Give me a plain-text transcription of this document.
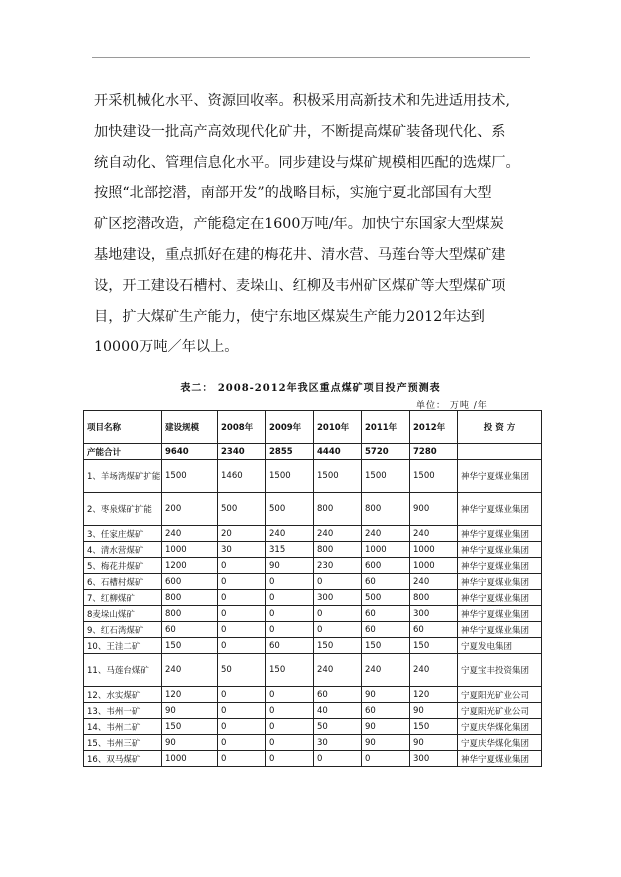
开采机械化水平、资源回收率。积极采用高新技术和先进适用技术,
加快建设一批高产高效现代化矿井，不断提高煤矿装备现代化、系
统自动化、管理信息化水平。同步建设与煤矿规模相匹配的选煤厂。
按照“北部挖潜，南部开发”的战略目标，实施宁夏北部国有大型
矿区挖潜改造，产能稳定在1600万吨/年。加快宁东国家大型煤炭
基地建设，重点抓好在建的梅花井、清水营、马莲台等大型煤矿建
设，开工建设石槽村、麦垛山、红柳及韦州矿区煤矿等大型煤矿项
目，扩大煤矿生产能力，使宁东地区煤炭生产能力2012年达到
10000万吨／年以上。
表二： 2008-2012年我区重点煤矿项目投产预测表
单位： 万吨 /年
项目名称	建设规模	2008年	2009年	2010年	2011年	2012年	投 资 方
产能合计	9640	2340	2855	4440	5720	7280	
1、羊场湾煤矿扩能	1500	1460	1500	1500	1500	1500	神华宁夏煤业集团
2、枣泉煤矿扩能	200	500	500	800	800	900	神华宁夏煤业集团
3、任家庄煤矿	240	20	240	240	240	240	神华宁夏煤业集团
4、清水营煤矿	1000	30	315	800	1000	1000	神华宁夏煤业集团
5、梅花井煤矿	1200	0	90	230	600	1000	神华宁夏煤业集团
6、石槽村煤矿	600	0	0	0	60	240	神华宁夏煤业集团
7、红柳煤矿	800	0	0	300	500	800	神华宁夏煤业集团
8麦垛山煤矿	800	0	0	0	60	300	神华宁夏煤业集团
9、红石湾煤矿	60	0	0	0	60	60	神华宁夏煤业集团
10、王洼二矿	150	0	60	150	150	150	宁夏发电集团
11、马莲台煤矿	240	50	150	240	240	240	宁夏宝丰投资集团
12、水实煤矿	120	0	0	60	90	120	宁夏阳光矿业公司
13、韦州一矿	90	0	0	40	60	90	宁夏阳光矿业公司
14、韦州二矿	150	0	0	50	90	150	宁夏庆华煤化集团
15、韦州三矿	90	0	0	30	90	90	宁夏庆华煤化集团
16、双马煤矿	1000	0	0	0	0	300	神华宁夏煤业集团
